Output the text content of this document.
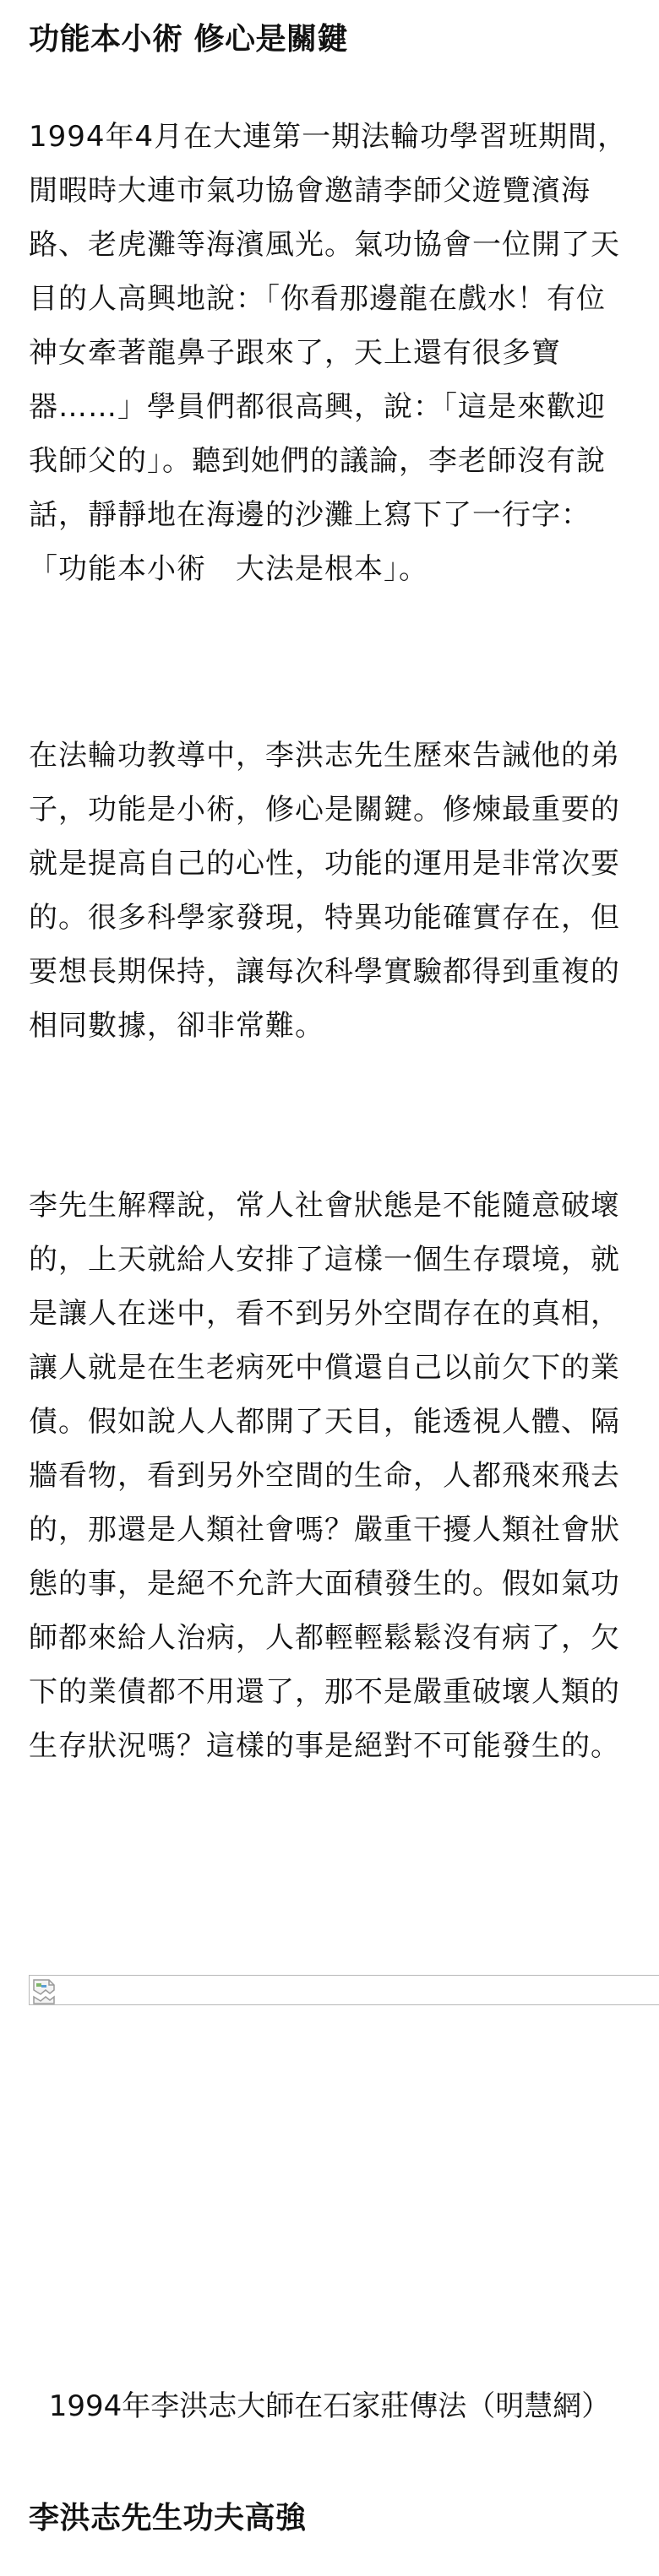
功能本小術 修心是關鍵

1994年4月在大連第一期法輪功學習班期間，閒暇時大連市氣功協會邀請李師父遊覽濱海路、老虎灘等海濱風光。氣功協會一位開了天目的人高興地說：「你看那邊龍在戲水！有位神女牽著龍鼻子跟來了，天上還有很多寶器……」學員們都很高興，說：「這是來歡迎我師父的」。聽到她們的議論，李老師沒有說話，靜靜地在海邊的沙灘上寫下了一行字：「功能本小術　大法是根本」。

在法輪功教導中，李洪志先生歷來告誡他的弟子，功能是小術，修心是關鍵。修煉最重要的就是提高自己的心性，功能的運用是非常次要的。很多科學家發現，特異功能確實存在，但要想長期保持，讓每次科學實驗都得到重複的相同數據，卻非常難。

李先生解釋說，常人社會狀態是不能隨意破壞的，上天就給人安排了這樣一個生存環境，就是讓人在迷中，看不到另外空間存在的真相，讓人就是在生老病死中償還自己以前欠下的業債。假如說人人都開了天目，能透視人體、隔牆看物，看到另外空間的生命，人都飛來飛去的，那還是人類社會嗎？嚴重干擾人類社會狀態的事，是絕不允許大面積發生的。假如氣功師都來給人治病，人都輕輕鬆鬆沒有病了，欠下的業債都不用還了，那不是嚴重破壞人類的生存狀況嗎？這樣的事是絕對不可能發生的。

1994年李洪志大師在石家莊傳法（明慧網）

李洪志先生功夫高強
